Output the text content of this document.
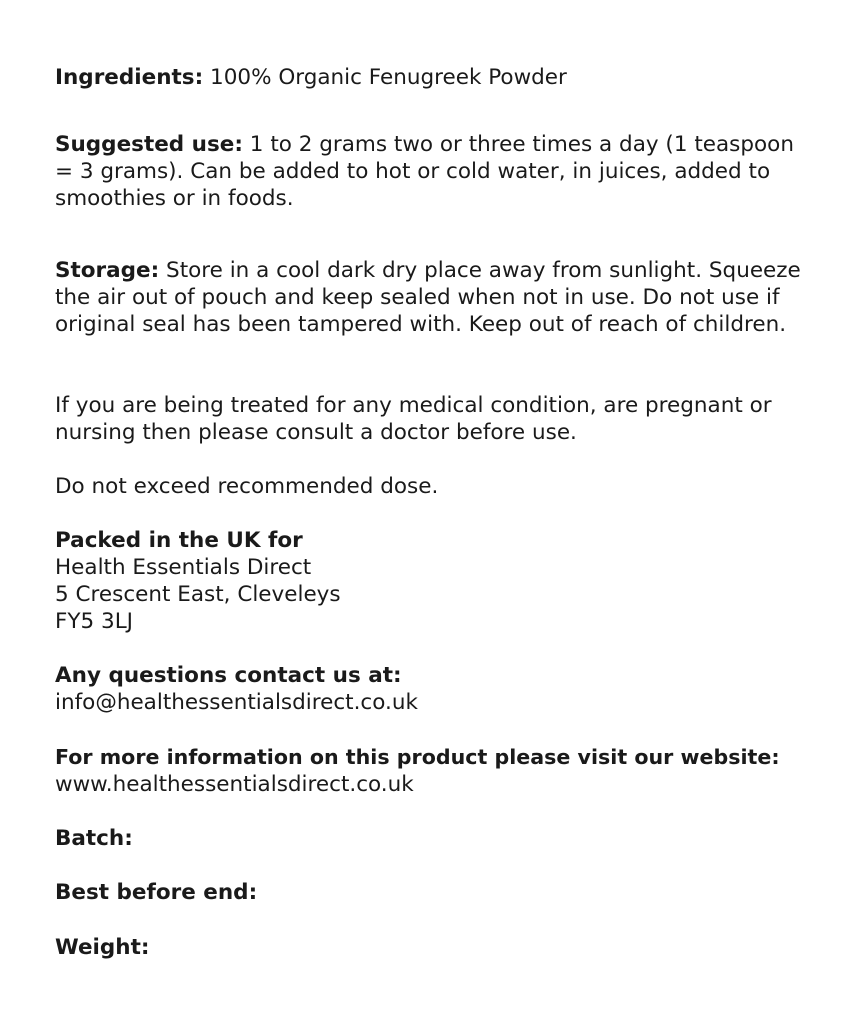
Ingredients: 100% Organic Fenugreek Powder
Suggested use: 1 to 2 grams two or three times a day (1 teaspoon = 3 grams). Can be added to hot or cold water, in juices, added to smoothies or in foods.
Storage: Store in a cool dark dry place away from sunlight. Squeeze the air out of pouch and keep sealed when not in use. Do not use if original seal has been tampered with. Keep out of reach of children.
If you are being treated for any medical condition, are pregnant or nursing then please consult a doctor before use.
Do not exceed recommended dose.
Packed in the UK for
Health Essentials Direct
5 Crescent East, Cleveleys
FY5 3LJ
Any questions contact us at:
info@healthessentialsdirect.co.uk
For more information on this product please visit our website:
www.healthessentialsdirect.co.uk
Batch:
Best before end:
Weight:
